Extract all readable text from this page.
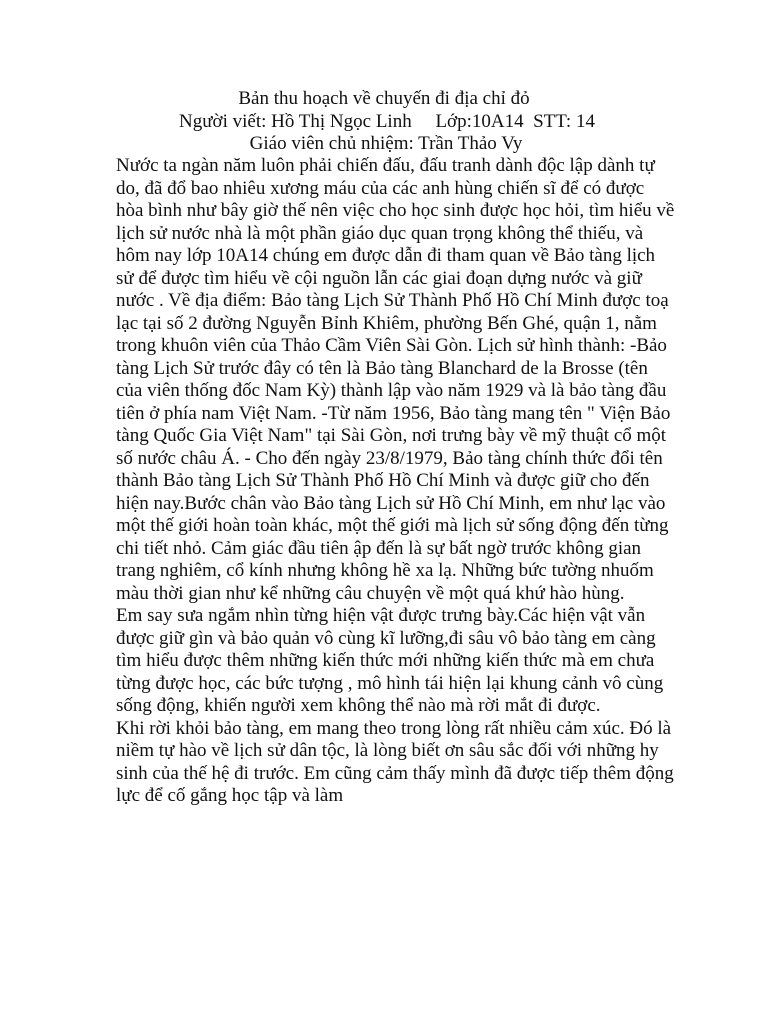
Bản thu hoạch về chuyến đi địa chỉ đỏ
Người viết: Hồ Thị Ngọc Linh     Lớp:10A14  STT: 14
Giáo viên chủ nhiệm: Trần Thảo Vy

Nước ta ngàn năm luôn phải chiến đấu, đấu tranh dành độc lập dành tự do, đã đổ bao nhiêu xương máu của các anh hùng chiến sĩ để có được hòa bình như bây giờ thế nên việc cho học sinh được học hỏi, tìm hiểu về lịch sử nước nhà là một phần giáo dục quan trọng không thể thiếu, và hôm nay lớp 10A14 chúng em được dẫn đi tham quan về Bảo tàng lịch sử để được tìm hiểu về cội nguồn lẫn các giai đoạn dựng nước và giữ nước . Về địa điểm: Bảo tàng Lịch Sử Thành Phố Hồ Chí Minh được toạ lạc tại số 2 đường Nguyễn Bỉnh Khiêm, phường Bến Ghé, quận 1, nằm trong khuôn viên của Thảo Cầm Viên Sài Gòn. Lịch sử hình thành: -Bảo tàng Lịch Sử trước đây có tên là Bảo tàng Blanchard de la Brosse (tên của viên thống đốc Nam Kỳ) thành lập vào năm 1929 và là bảo tàng đầu tiên ở phía nam Việt Nam. -Từ năm 1956, Bảo tàng mang tên " Viện Bảo tàng Quốc Gia Việt Nam" tại Sài Gòn, nơi trưng bày về mỹ thuật cổ một số nước châu Á. - Cho đến ngày 23/8/1979, Bảo tàng chính thức đổi tên thành Bảo tàng Lịch Sử Thành Phố Hồ Chí Minh và được giữ cho đến hiện nay.Bước chân vào Bảo tàng Lịch sử Hồ Chí Minh, em như lạc vào một thế giới hoàn toàn khác, một thế giới mà lịch sử sống động đến từng chi tiết nhỏ. Cảm giác đầu tiên ập đến là sự bất ngờ trước không gian trang nghiêm, cổ kính nhưng không hề xa lạ. Những bức tường nhuốm màu thời gian như kể những câu chuyện về một quá khứ hào hùng.

Em say sưa ngắm nhìn từng hiện vật được trưng bày.Các hiện vật vẫn được giữ gìn và bảo quản vô cùng kĩ lưỡng,đi sâu vô bảo tàng em càng tìm hiểu được thêm những kiến thức mới những kiến thức mà em chưa từng được học, các bức tượng , mô hình tái hiện lại khung cảnh vô cùng sống động, khiến người xem không thể nào mà rời mắt đi được.

Khi rời khỏi bảo tàng, em mang theo trong lòng rất nhiều cảm xúc. Đó là niềm tự hào về lịch sử dân tộc, là lòng biết ơn sâu sắc đối với những hy sinh của thế hệ đi trước. Em cũng cảm thấy mình đã được tiếp thêm động lực để cố gắng học tập và làm
